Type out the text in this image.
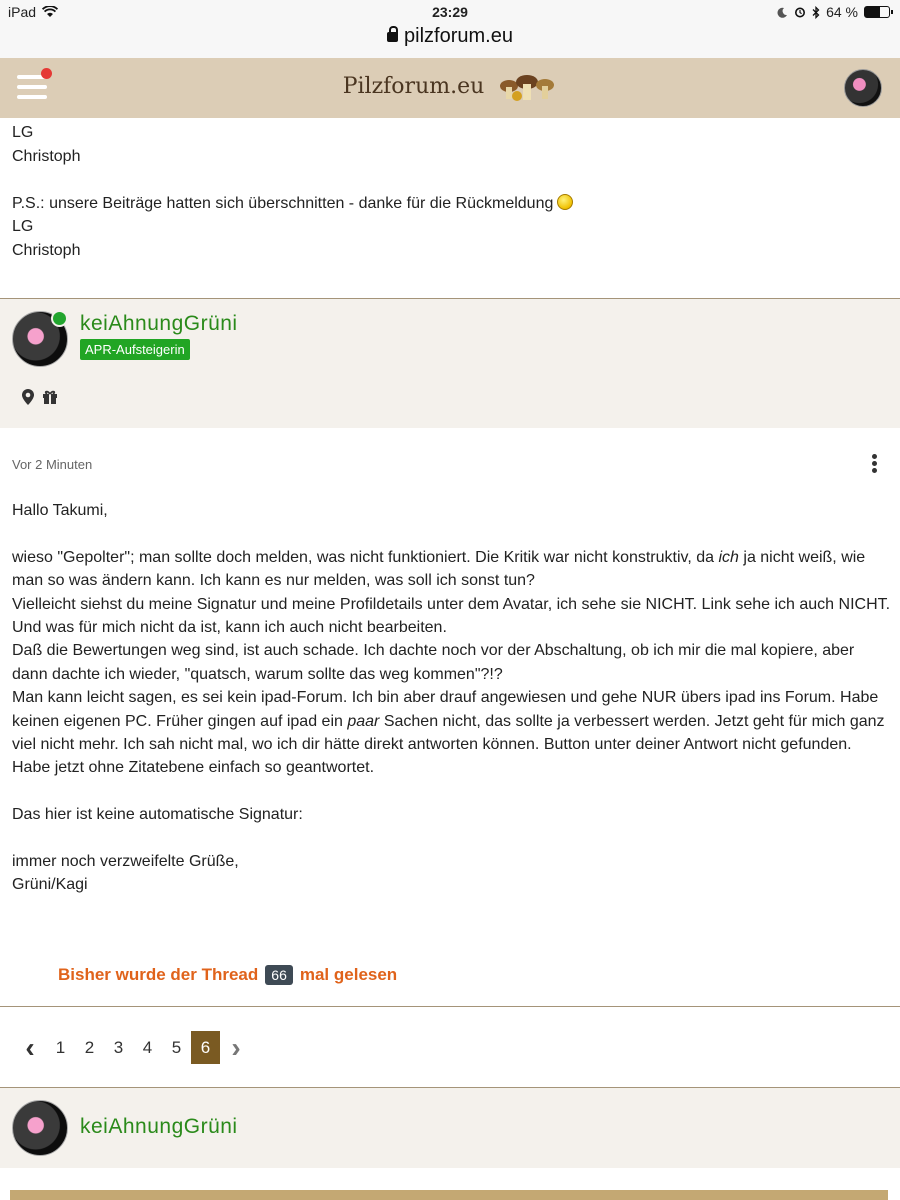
iPad	23:29	64 %
pilzforum.eu
Pilzforum.eu
LG
Christoph
P.S.: unsere Beiträge hatten sich überschnitten - danke für die Rückmeldung
LG
Christoph
keiAhnungGrüni
APR-Aufsteigerin
Vor 2 Minuten

Hallo Takumi,

wieso "Gepolter"; man sollte doch melden, was nicht funktioniert. Die Kritik war nicht konstruktiv, da ich ja nicht weiß, wie man so was ändern kann. Ich kann es nur melden, was soll ich sonst tun?
Vielleicht siehst du meine Signatur und meine Profildetails unter dem Avatar, ich sehe sie NICHT. Link sehe ich auch NICHT. Und was für mich nicht da ist, kann ich auch nicht bearbeiten.
Daß die Bewertungen weg sind, ist auch schade. Ich dachte noch vor der Abschaltung, ob ich mir die mal kopiere, aber dann dachte ich wieder, "quatsch, warum sollte das weg kommen"?!?
Man kann leicht sagen, es sei kein ipad-Forum. Ich bin aber drauf angewiesen und gehe NUR übers ipad ins Forum. Habe keinen eigenen PC. Früher gingen auf ipad ein paar Sachen nicht, das sollte ja verbessert werden. Jetzt geht für mich ganz viel nicht mehr. Ich sah nicht mal, wo ich dir hätte direkt antworten können. Button unter deiner Antwort nicht gefunden. Habe jetzt ohne Zitatebene einfach so geantwortet.

Das hier ist keine automatische Signatur:

immer noch verzweifelte Grüße,
Grüni/Kagi

Bisher wurde der Thread 66 mal gelesen
‹	1	2	3	4	5	6 ›
keiAhnungGrüni
